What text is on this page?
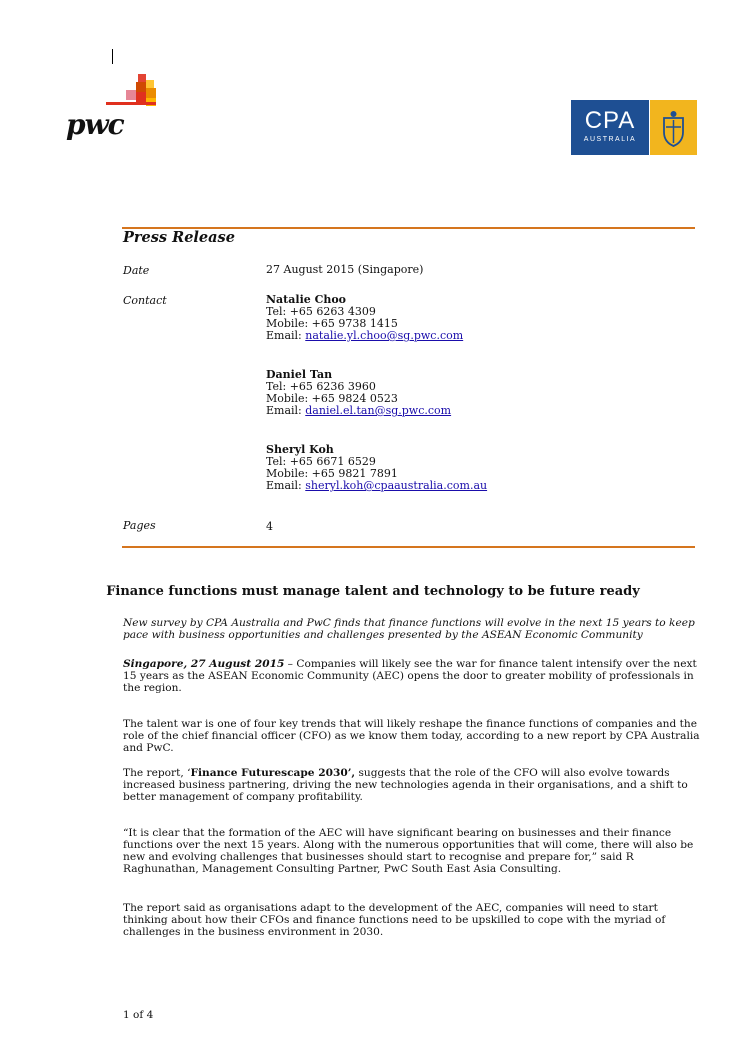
pwc	CPA
AUSTRALIA
Press Release
Date	27 August 2015 (Singapore)
Contact	Natalie Choo
Tel: +65 6263 4309
Mobile: +65 9738 1415
Email: natalie.yl.choo@sg.pwc.com
Daniel Tan
Tel: +65 6236 3960
Mobile: +65 9824 0523
Email: daniel.el.tan@sg.pwc.com
Sheryl Koh
Tel: +65 6671 6529
Mobile: +65 9821 7891
Email: sheryl.koh@cpaaustralia.com.au
Pages	4
Finance functions must manage talent and technology to be future ready
New survey by CPA Australia and PwC finds that finance functions will evolve in the next 15 years to keep pace with business opportunities and challenges presented by the ASEAN Economic Community
Singapore, 27 August 2015 – Companies will likely see the war for finance talent intensify over the next 15 years as the ASEAN Economic Community (AEC) opens the door to greater mobility of professionals in the region.
The talent war is one of four key trends that will likely reshape the finance functions of companies and the role of the chief financial officer (CFO) as we know them today, according to a new report by CPA Australia and PwC.
The report, ‘Finance Futurescape 2030’, suggests that the role of the CFO will also evolve towards increased business partnering, driving the new technologies agenda in their organisations, and a shift to better management of company profitability.
“It is clear that the formation of the AEC will have significant bearing on businesses and their finance functions over the next 15 years. Along with the numerous opportunities that will come, there will also be new and evolving challenges that businesses should start to recognise and prepare for,” said R Raghunathan, Management Consulting Partner, PwC South East Asia Consulting.
The report said as organisations adapt to the development of the AEC, companies will need to start thinking about how their CFOs and finance functions need to be upskilled to cope with the myriad of challenges in the business environment in 2030.
1 of 4
